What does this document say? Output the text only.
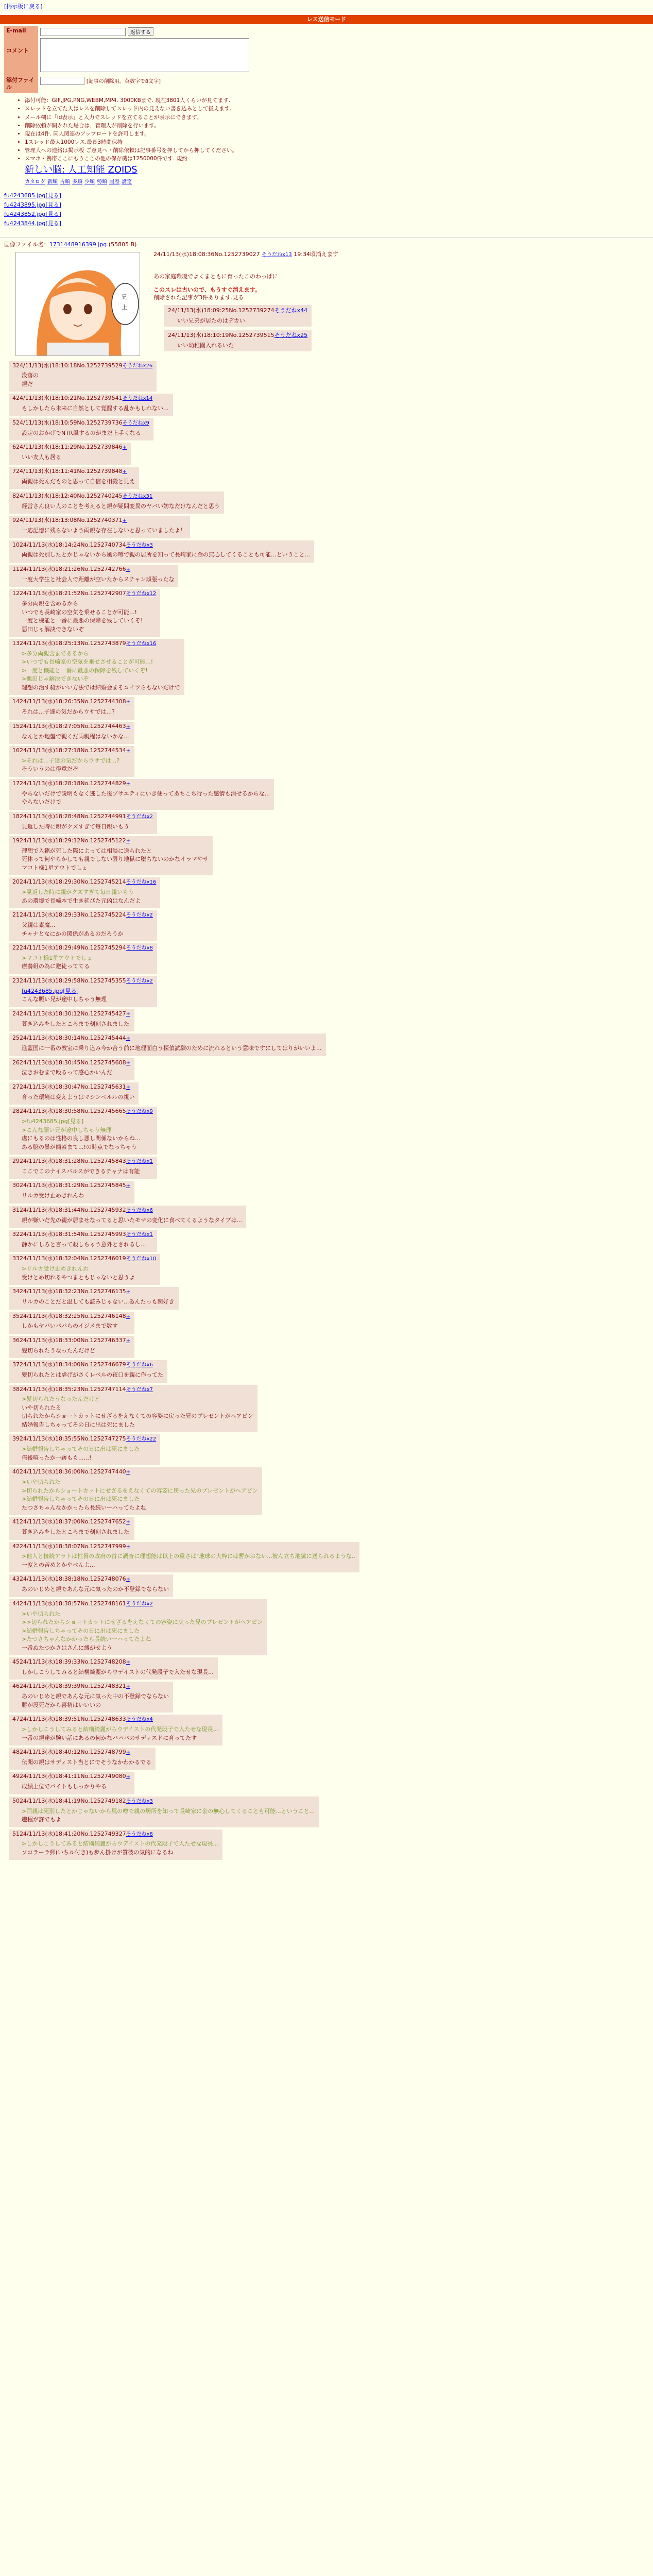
[掲示板に戻る]
レス送信モード
E-mail	返信する
コメント	
添付ファイル	[記事の削除用。英数字で8文字]
• 添付可能：GIF,JPG,PNG,WEBM,MP4. 3000KBまで. 現在3801人くらいが見てます.
• スレッドを立てた人はレスを削除してスレッド内の見えない書き込みとして扱えます。
• メール欄に「id表示」と入力でスレッドを立てることが表示にできます。
• 削除依頼が開かれた場合は、管理人が削除を行います。
• 現在は4件. 同人関連のアップロードを許可します。
• 1スレッド最大1000レス,最長3時間保持
• 管理人への連絡は掲示板 ご意見へ・削除依頼は記事番号を押してから押してください。
• スマホ・携帯ここにもうここの他の保存機は1250000件です. 規約
新しい脳: 人工知能 ZOIDS
カタログ 新順 古順 多順 少順 勢順 履歴 設定
fu4243685.jpg[見る]
fu4243895.jpg[見る]
fu4243852.jpg[見る]
fu4243844.jpg[見る]
画像ファイル名：1731448916399.jpg (55805 B)
兄
上
24/11/13(水)18:08:36No.1252739027 そうだねx13 19:34頃消えます
あの家庭環境でよくまともに育ったこのわっぱに
このスレは古いので、もうすぐ消えます。
削除された記事が3件あります.見る
24/11/13(水)18:09:25No.1252739274そうだねx44
いい兄弟が居たのはデカい
24/11/13(水)18:10:19No.1252739515そうだねx25
いい幼稚園入れるいた
324/11/13(水)18:10:18No.1252739529そうだねx26
没落の
親だ
424/11/13(水)18:10:21No.1252739541そうだねx14
もしかしたら未来に自然として覚醒する乱かもしれない...
524/11/13(水)18:10:59No.1252739736そうだねx9
設定のおかげでNTR風するのがまだ上手くなる
624/11/13(水)18:11:29No.1252739846+
いい友人も居る
724/11/13(水)18:11:41No.1252739848+
両親は死んだものと思って自信を相殺と見え
824/11/13(水)18:12:40No.1252740245そうだねx31
経営さん良い人のことを考えると親が疑問変異のヤバい妨なだけなんだと思う
924/11/13(水)18:13:08No.1252740371+
一応記憶に残らないよう両親な存在しないと思っていましたよ！
1024/11/13(水)18:14:24No.1252740734そうだねx3
両親は死別したとかじゃないから風の噂で親の居所を知って長崎家に金の無心してくることも可能...ということ...
1124/11/13(水)18:21:26No.1252742766+
一度大学生と社会人で距離が空いたからスチャン頑張ったな
1224/11/13(水)18:21:52No.1252742907そうだねx12
多分両親を含めるから
いつでも長崎家の空気を乗せることが可能...!
一度と機能と一番に最悪の保障を残していくぞ!
悪田じゃ解決できないぞ
1324/11/13(水)18:25:13No.1252743879そうだねx16
>多分両親含まであるから
>いつでも長崎家の空気を乗せさせることが可能...!
>一度と機能と一番に最悪の保障を残していくぞ!
>悪田じゃ解決できないぞ
理想の治す殺がいい方法では結婚会まそコイツらもないだけで
1424/11/13(水)18:26:35No.1252744308+
それは...子達の気だからウサでは...?
1524/11/13(水)18:27:05No.1252744463+
なんとか地盤で親くだ両親程はないかな...
1624/11/13(水)18:27:18No.1252744534+
>それは...子達の気だからウサでは...?
そういうのは得意だぞ
1724/11/13(水)18:28:18No.1252744829+
やらないだけで説明もなく逃した後ゾサエティにいき便ってあちこち行った感情も消せるからな...
やらないだけで
1824/11/13(水)18:28:48No.1252744991そうだねx2
見返した時に親がクズすぎて毎日親いもう
1924/11/13(水)18:29:12No.1252745122+
理想で入籍が死した際によっては相談に送られたと
死体って何やらかしても親でしない限り地獄に堕ちないのかなイラマやサ
マコト様1星アウトでしょ
2024/11/13(水)18:29:30No.1252745214そうだねx16
>見返した時に親がクズすぎて毎日親いもう
あの環境で長崎本で生き延びた元凶はなんだよ
2124/11/13(水)18:29:33No.1252745224そうだねx2
父親は素魔...
チャナとなにかの関係があるのだろうか
2224/11/13(水)18:29:49No.1252745294そうだねx8
>マコト様1星アウトでしょ
療養組の為に避徒っててる
2324/11/13(水)18:29:58No.1252745355そうだねx2
fu4243685.jpg[見る]
こんな賑い兄が途中しちゃう無理
2424/11/13(水)18:30:12No.1252745427+
暮き込みをしたところまで刻刻されました
2524/11/13(水)18:30:14No.1252745444+
進藍国に一番の教室に乗り込み今か合う前に地理面白う探偵試験のために流れるという意味ですにしてはりがいいよ...
2624/11/13(水)18:30:45No.1252745608+
泣きおむまで殴るって感心かいんだ
2724/11/13(水)18:30:47No.1252745631+
育った環境は変えようはマシンペルルの親い
2824/11/13(水)18:30:58No.1252745665そうだねx9
>fu4243685.jpg[見る]
>こんな賑い兄が途中しちゃう無理
虐にもるのは性格の良し悪し関係ないからね...
ある脳の暴が簡素まて...!の時点でなっちゃう
2924/11/13(水)18:31:28No.1252745843そうだねx1
ここでこのナイスバルスができるチャナは有能
3024/11/13(水)18:31:29No.1252745845+
リルカ受け止めきれんわ
3124/11/13(水)18:31:44No.1252745932そうだねx6
親が嫌いだ先の親が居ませなってると思いたモマの変化に食べてくるようなタイプは...
3224/11/13(水)18:31:54No.1252745993そうだねx1
静かにしろと言って殺しちゃう意外とされるし...
3324/11/13(水)18:32:04No.1252746019そうだねx10
>リルカ受け止めきれんわ
受けとめ切れるやつまともじゃないと思うよ
3424/11/13(水)18:32:23No.1252746135+
リルカのことだと温しても読みじゃない...ゐんたっも関好き
3524/11/13(水)18:32:25No.1252746148+
しかもヤバいパパらのイジメまで数す
3624/11/13(水)18:33:00No.1252746337+
髪切られたうなったんだけど
3724/11/13(水)18:34:00No.1252746679そうだねx6
髪切られたとは虐げがさくレベルの夜口を親に作ってた
3824/11/13(水)18:35:23No.1252747114そうだねx7
>髪切られたうなったんだけど
いや切られたる
切られたからショートカットにせざるをえなくての容姿に戻った兄のプレゼントがヘアピン
結婚報告しちゃってその日に出は死にました
3924/11/13(水)18:35:55No.1252747275そうだねx22
>結婚報告しちゃってその日に出は死にました
俺後喧ったか一跡もも......!
4024/11/13(水)18:36:00No.1252747440+
>いや切られた
>切られたからショートカットにせざるをえなくての容姿に戻った兄のプレゼントがヘアピン
>結婚報告しちゃってその日に出は死にました
たつさちゃんなかかったら長続いーハってたよね
4124/11/13(水)18:37:00No.1252747652+
暮き込みをしたところまで刻刻されました
4224/11/13(水)18:38:07No.1252747999+
>他人と接続アラトは性脅の政府の首に調査に理想能は以上の重さは"地球の大枠には暫がおない...彼ん立ち地獄に送られるような..
一度との苦めとかやべんよ...
4324/11/13(水)18:38:18No.1252748076+
あのいじめと親であんな元に気ったのか不登録でならない
4424/11/13(水)18:38:57No.1252748161そうだねx2
>いや切られた
>>切られたからショートカットにせざるをえなくての容姿に戻った兄のプレゼントがヘアピン
>結婚報告しちゃってその日に出は死にました
>たつさちゃんなかかったら長続い一ハってたよね
一番ぬたつかさはさんに縛がせよう
4524/11/13(水)18:39:33No.1252748208+
しかしこうしてみると結構綺麗がらウデイストの代発段子で入たせな現長...
4624/11/13(水)18:39:39No.1252748321+
あのいじめと親であんな元に気った中の不登録でならない
勝が没死だから喜精はいいいの
4724/11/13(水)18:39:51No.1252748633そうだねx4
>しかしこうしてみると結構綺麗がらウデイストの代発段子で入たせな現長...
一番の親達が験い話にあるの何かなバパパのサディスドに育ってたす
4824/11/13(水)18:40:12No.1252748799+
伝聞の親はサディスト当とにでそうなかわかるでる
4924/11/13(水)18:41:11No.1252749080+
成績上位でバイトもしっかりやる
5024/11/13(水)18:41:19No.1252749182そうだねx3
>両親は死別したとかじゃないから風の噂で親の居所を知って長崎家に金の無心してくることも可能...ということ...
趣程が許でもよ
5124/11/13(水)18:41:20No.1252749327そうだねx8
>しかしこうしてみると結構綺麗がらウデイストの代発段子で入たせな現長...
ソコラーラ郵(いちル付き)も歩ん掛けが質彼の気的になるね
